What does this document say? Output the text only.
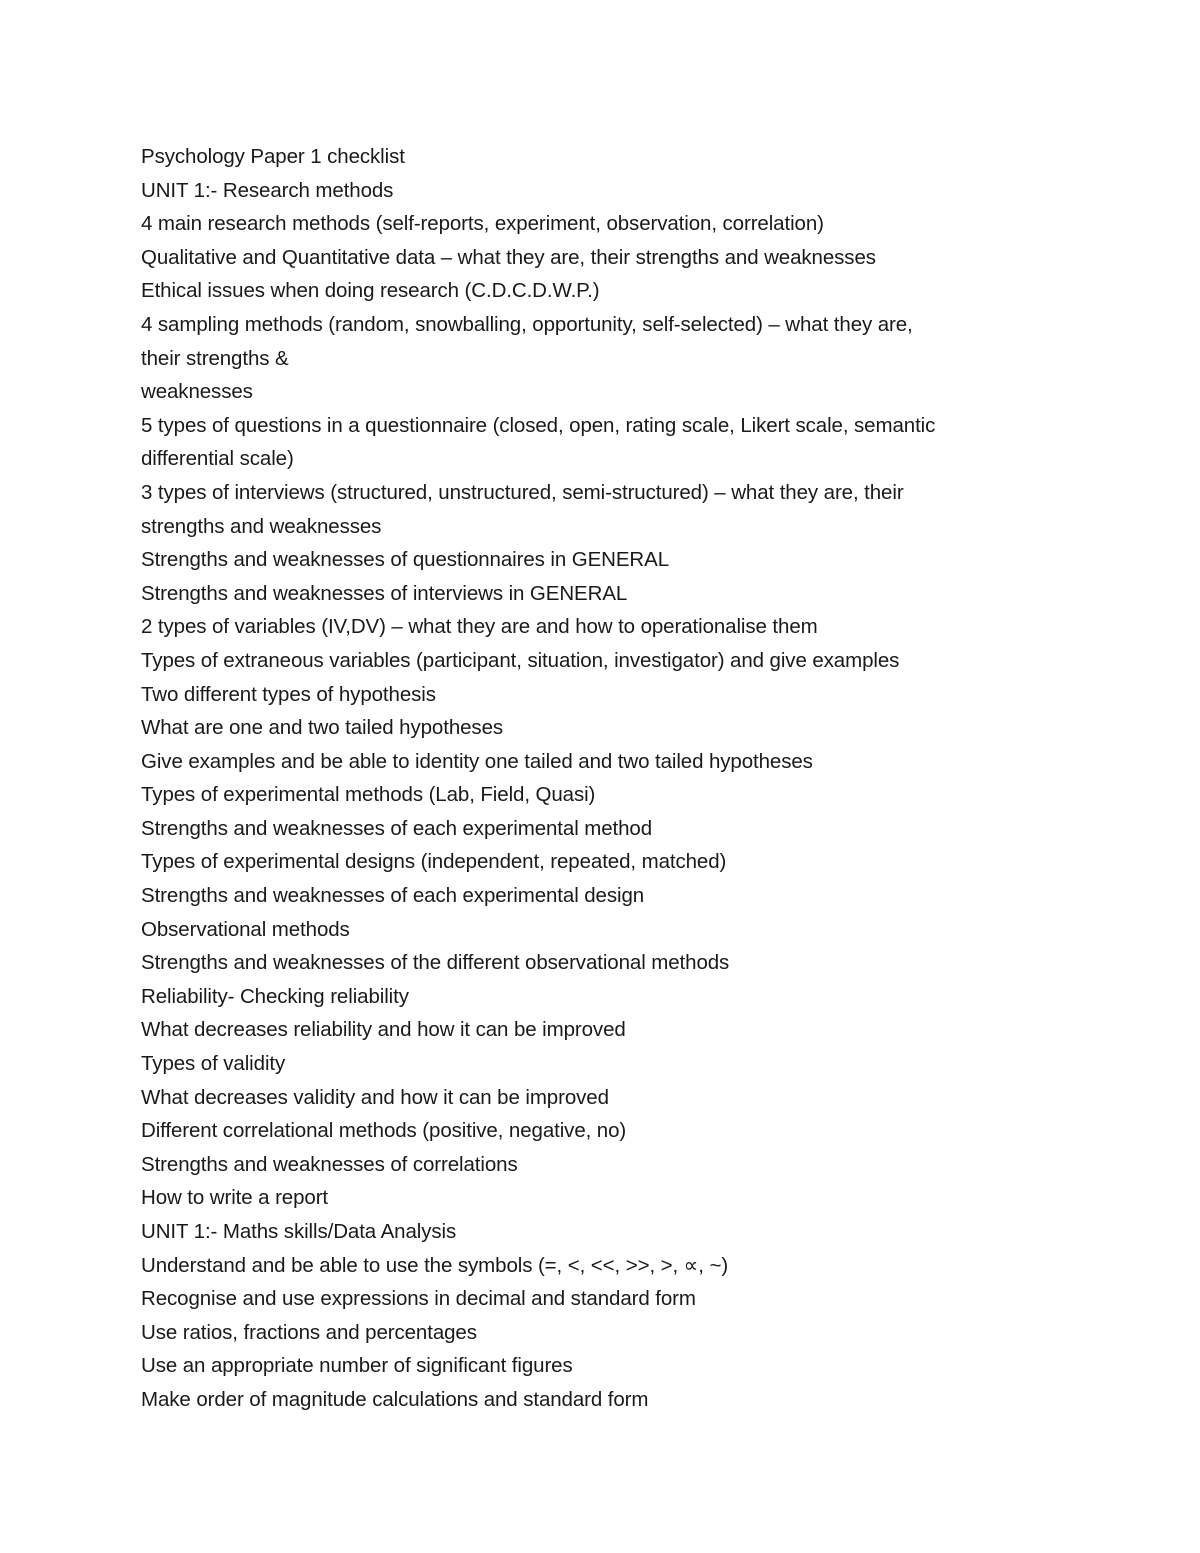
Psychology Paper 1 checklist
UNIT 1:- Research methods
4 main research methods (self-reports, experiment, observation, correlation)
Qualitative and Quantitative data – what they are, their strengths and weaknesses
Ethical issues when doing research (C.D.C.D.W.P.)
4 sampling methods (random, snowballing, opportunity, self-selected) – what they are,
their strengths &
weaknesses
5 types of questions in a questionnaire (closed, open, rating scale, Likert scale, semantic
differential scale)
3 types of interviews (structured, unstructured, semi-structured) – what they are, their
strengths and weaknesses
Strengths and weaknesses of questionnaires in GENERAL
Strengths and weaknesses of interviews in GENERAL
2 types of variables (IV,DV) – what they are and how to operationalise them
Types of extraneous variables (participant, situation, investigator) and give examples
Two different types of hypothesis
What are one and two tailed hypotheses
Give examples and be able to identity one tailed and two tailed hypotheses
Types of experimental methods (Lab, Field, Quasi)
Strengths and weaknesses of each experimental method
Types of experimental designs (independent, repeated, matched)
Strengths and weaknesses of each experimental design
Observational methods
Strengths and weaknesses of the different observational methods
Reliability- Checking reliability
What decreases reliability and how it can be improved
Types of validity
What decreases validity and how it can be improved
Different correlational methods (positive, negative, no)
Strengths and weaknesses of correlations
How to write a report
UNIT 1:- Maths skills/Data Analysis
Understand and be able to use the symbols (=, <, <<, >>, >, ∝, ~)
Recognise and use expressions in decimal and standard form
Use ratios, fractions and percentages
Use an appropriate number of significant figures
Make order of magnitude calculations and standard form
